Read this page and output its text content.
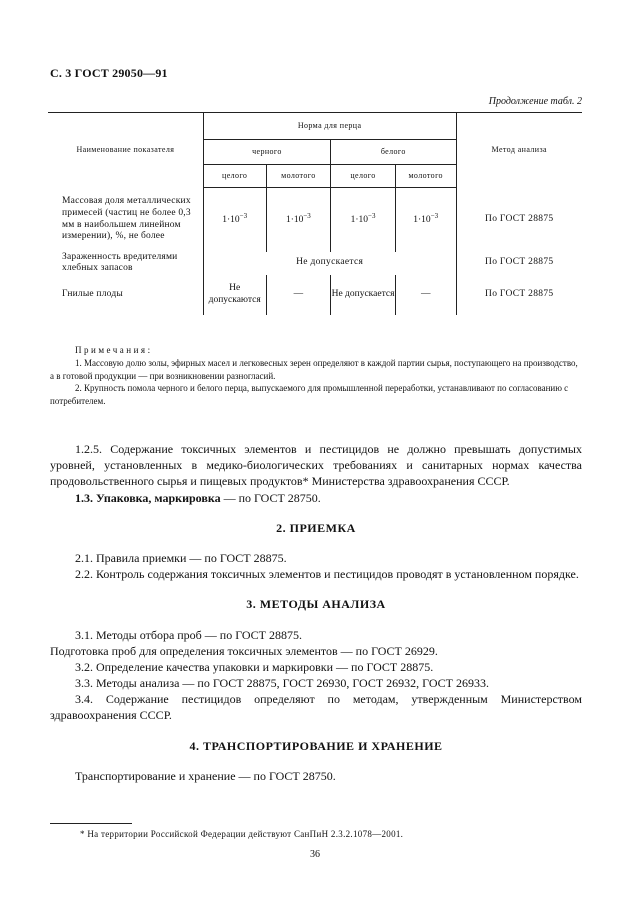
С. 3 ГОСТ 29050—91
Продолжение табл. 2
Наименование показателя	Норма для перца				Метод анализа
	черного		белого		
	целого	молотого	целого	молотого	

Массовая доля металлических примесей (частиц не более 0,3 мм в наибольшем линейном измерении), %, не более	$1\cdot 10^{-3}$	$1\cdot 10^{-3}$	$1\cdot 10^{-3}$	$1\cdot 10^{-3}$	По ГОСТ 28875

Зараженность вредителями хлебных запасов	Не допускается				По ГОСТ 28875

Гнилые плоды	Не допускаются	—	Не допускается	—	По ГОСТ 28875

Примечания:

1. Массовую долю золы, эфирных масел и легковесных зерен определяют в каждой партии сырья, поступающего на производство, а в готовой продукции — при возникновении разногласий.

2. Крупность помола черного и белого перца, выпускаемого для промышленной переработки, устанавливают по согласованию с потребителем.

1.2.5. Содержание токсичных элементов и пестицидов не должно превышать допустимых уровней, установленных в медико-биологических требованиях и санитарных нормах качества продовольственного сырья и пищевых продуктов* Министерства здравоохранения СССР.

1.3. Упаковка, маркировка — по ГОСТ 28750.

2. ПРИЕМКА

2.1. Правила приемки — по ГОСТ 28875.

2.2. Контроль содержания токсичных элементов и пестицидов проводят в установленном порядке.

3. МЕТОДЫ АНАЛИЗА

3.1. Методы отбора проб — по ГОСТ 28875.

Подготовка проб для определения токсичных элементов — по ГОСТ 26929.

3.2. Определение качества упаковки и маркировки — по ГОСТ 28875.

3.3. Методы анализа — по ГОСТ 28875, ГОСТ 26930, ГОСТ 26932, ГОСТ 26933.

3.4. Содержание пестицидов определяют по методам, утвержденным Министерством здравоохранения СССР.

4. ТРАНСПОРТИРОВАНИЕ И ХРАНЕНИЕ

Транспортирование и хранение — по ГОСТ 28750.

* На территории Российской Федерации действуют СанПиН 2.3.2.1078—2001.
36
